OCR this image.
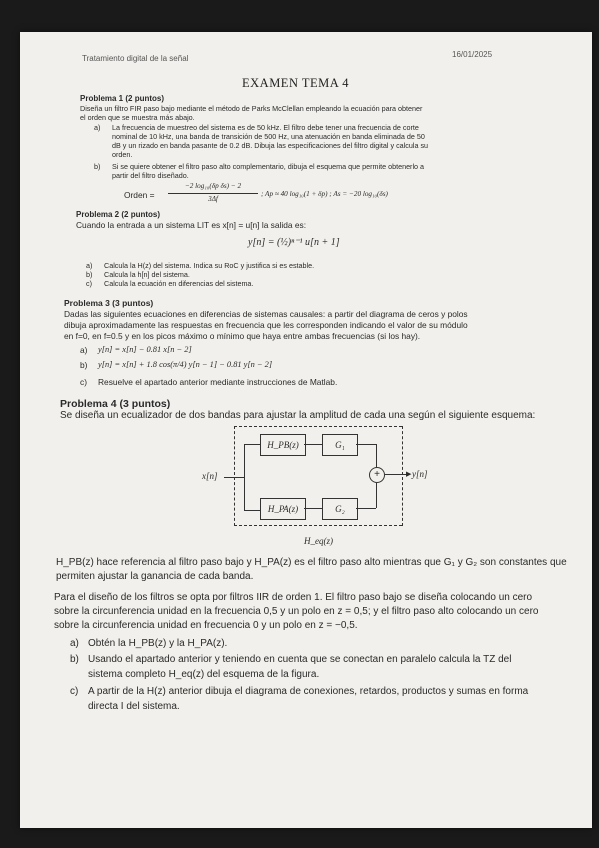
Tratamiento digital de la señal	16/01/2025
EXAMEN TEMA 4
Problema 1 (2 puntos)
Diseña un filtro FIR paso bajo mediante el método de Parks McClellan empleando la ecuación para obtener
el orden que se muestra más abajo.
a) La frecuencia de muestreo del sistema es de 50 kHz. El filtro debe tener una frecuencia de corte
nominal de 10 kHz, una banda de transición de 500 Hz, una atenuación en banda eliminada de 50
dB y un rizado en banda pasante de 0.2 dB. Dibuja las especificaciones del filtro digital y calcula su
orden.
b) Si se quiere obtener el filtro paso alto complementario, dibuja el esquema que permite obtenerlo a
partir del filtro diseñado.
Orden =
−2 log₁₀(δp δs) − 2
3Δf
; Ap ≈ 40 log₁₀(1 + δp) ; As = −20 log₁₀(δs)
Problema 2 (2 puntos)
Cuando la entrada a un sistema LIT es x[n] = u[n] la salida es:
y[n] = (½)ⁿ⁻¹ u[n + 1]
a) Calcula la H(z) del sistema. Indica su RoC y justifica si es estable.
b) Calcula la h[n] del sistema.
c) Calcula la ecuación en diferencias del sistema.
Problema 3 (3 puntos)
Dadas las siguientes ecuaciones en diferencias de sistemas causales: a partir del diagrama de ceros y polos
dibuja aproximadamente las respuestas en frecuencia que les corresponden indicando el valor de su módulo
en f=0, en f=0.5 y en los picos máximo o mínimo que haya entre ambas frecuencias (si los hay).
a) y[n] = x[n] − 0.81 x[n − 2]
b) y[n] = x[n] + 1.8 cos(π/4) y[n − 1] − 0.81 y[n − 2]
c) Resuelve el apartado anterior mediante instrucciones de Matlab.
Problema 4 (3 puntos)
Se diseña un ecualizador de dos bandas para ajustar la amplitud de cada una según el siguiente esquema:
x[n]
H_PB(z)	G₁
H_PA(z)	G₂
+	▶ y[n]
H_eq(z)
H_PB(z) hace referencia al filtro paso bajo y H_PA(z) es el filtro paso alto mientras que G₁ y G₂ son constantes que
permiten ajustar la ganancia de cada banda.
Para el diseño de los filtros se opta por filtros IIR de orden 1. El filtro paso bajo se diseña colocando un cero
sobre la circunferencia unidad en la frecuencia 0,5 y un polo en z = 0,5; y el filtro paso alto colocando un cero
sobre la circunferencia unidad en frecuencia 0 y un polo en z = −0,5.
a) Obtén la H_PB(z) y la H_PA(z).
b) Usando el apartado anterior y teniendo en cuenta que se conectan en paralelo calcula la TZ del
sistema completo H_eq(z) del esquema de la figura.
c) A partir de la H(z) anterior dibuja el diagrama de conexiones, retardos, productos y sumas en forma
directa I del sistema.
